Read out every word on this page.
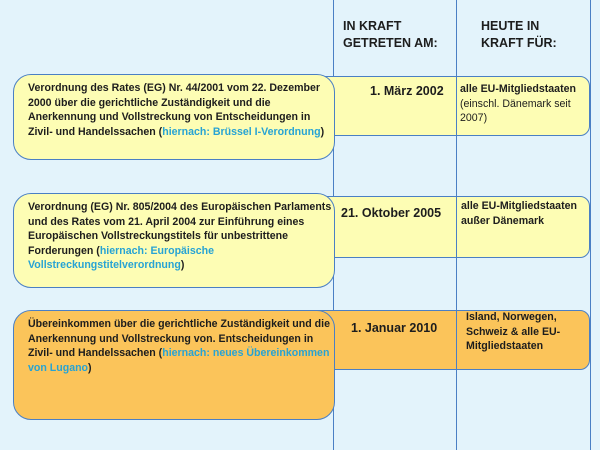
IN KRAFT
GETRETEN AM:
HEUTE IN
KRAFT FÜR:
Verordnung des Rates (EG) Nr. 44/2001 vom 22. Dezember 2000 über die gerichtliche Zuständigkeit und die Anerkennung und Vollstreckung von Entscheidungen in Zivil- und Handelssachen (hiernach: Brüssel I-Verordnung)
1. März 2002 alle EU-Mitgliedstaaten
(einschl. Dänemark seit 2007)
Verordnung (EG) Nr. 805/2004 des Europäischen Parlaments und des Rates vom 21. April 2004 zur Einführung eines Europäischen Vollstreckungstitels für unbestrittene Forderungen (hiernach: Europäische Vollstreckungstitelverordnung)
21. Oktober 2005 alle EU-Mitgliedstaaten außer Dänemark
Übereinkommen über die gerichtliche Zuständigkeit und die Anerkennung und Vollstreckung von. Entscheidungen in Zivil- und Handelssachen (hiernach: neues Übereinkommen von Lugano)
1. Januar 2010
Island, Norwegen, Schweiz & alle EU-Mitgliedstaaten
